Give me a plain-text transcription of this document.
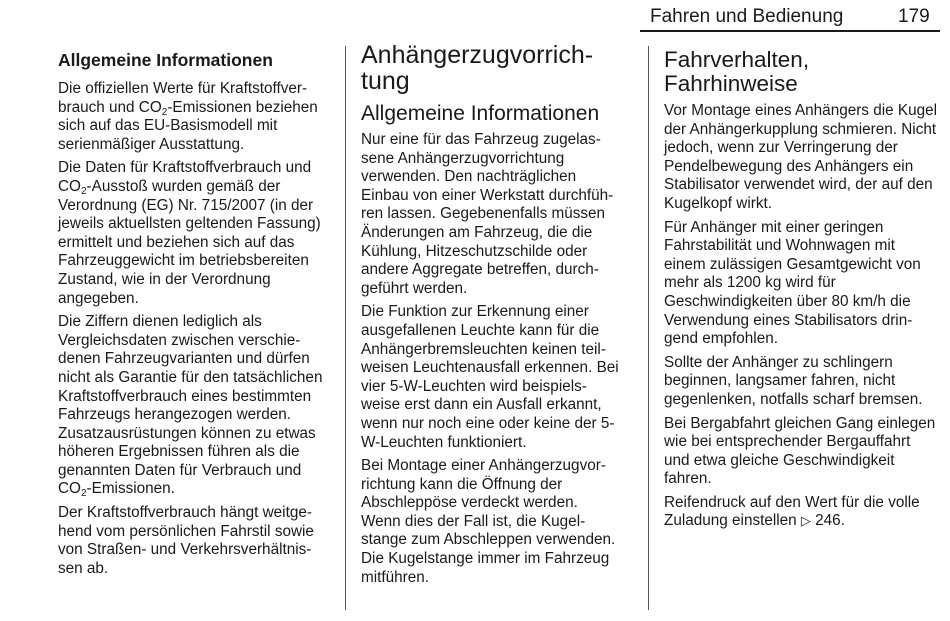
Fahren und Bedienung	179
Allgemeine Informationen

Die offiziellen Werte für Kraftstoffverbrauch und $CO_2$-Emissionen beziehen sich auf das EU-Basismodell mit serienmäßiger Ausstattung.

Die Daten für Kraftstoffverbrauch und $CO_2$-Ausstoß wurden gemäß der Verordnung (EG) Nr. 715/2007 (in der jeweils aktuellsten geltenden Fassung) ermittelt und beziehen sich auf das Fahrzeuggewicht im betriebsbereiten Zustand, wie in der Verordnung angegeben.

Die Ziffern dienen lediglich als Vergleichsdaten zwischen verschiedenen Fahrzeugvarianten und dürfen nicht als Garantie für den tatsächlichen Kraftstoffverbrauch eines bestimmten Fahrzeugs herangezogen werden. Zusatzausrüstungen können zu etwas höheren Ergebnissen führen als die genannten Daten für Verbrauch und $CO_2$-Emissionen.

Der Kraftstoffverbrauch hängt weitgehend vom persönlichen Fahrstil sowie von Straßen- und Verkehrsverhältnissen ab.

Anhängerzugvorrichtung
Allgemeine Informationen

Nur eine für das Fahrzeug zugelassene Anhängerzugvorrichtung verwenden. Den nachträglichen Einbau von einer Werkstatt durchführen lassen. Gegebenenfalls müssen Änderungen am Fahrzeug, die die Kühlung, Hitzeschutzschilde oder andere Aggregate betreffen, durchgeführt werden.

Die Funktion zur Erkennung einer ausgefallenen Leuchte kann für die Anhängerbremsleuchten keinen teilweisen Leuchtenausfall erkennen. Bei vier 5-W-Leuchten wird beispielsweise erst dann ein Ausfall erkannt, wenn nur noch eine oder keine der 5-W-Leuchten funktioniert.

Bei Montage einer Anhängerzugvorrichtung kann die Öffnung der Abschleppöse verdeckt werden. Wenn dies der Fall ist, die Kugelstange zum Abschleppen verwenden. Die Kugelstange immer im Fahrzeug mitführen.

Fahrverhalten, Fahrhinweise

Vor Montage eines Anhängers die Kugel der Anhängerkupplung schmieren. Nicht jedoch, wenn zur Verringerung der Pendelbewegung des Anhängers ein Stabilisator verwendet wird, der auf den Kugelkopf wirkt.

Für Anhänger mit einer geringen Fahrstabilität und Wohnwagen mit einem zulässigen Gesamtgewicht von mehr als 1200 kg wird für Geschwindigkeiten über 80 km/h die Verwendung eines Stabilisators dringend empfohlen.

Sollte der Anhänger zu schlingern beginnen, langsamer fahren, nicht gegenlenken, notfalls scharf bremsen.

Bei Bergabfahrt gleichen Gang einlegen wie bei entsprechender Bergauffahrt und etwa gleiche Geschwindigkeit fahren.

Reifendruck auf den Wert für die volle Zuladung einstellen ▷ 246.
